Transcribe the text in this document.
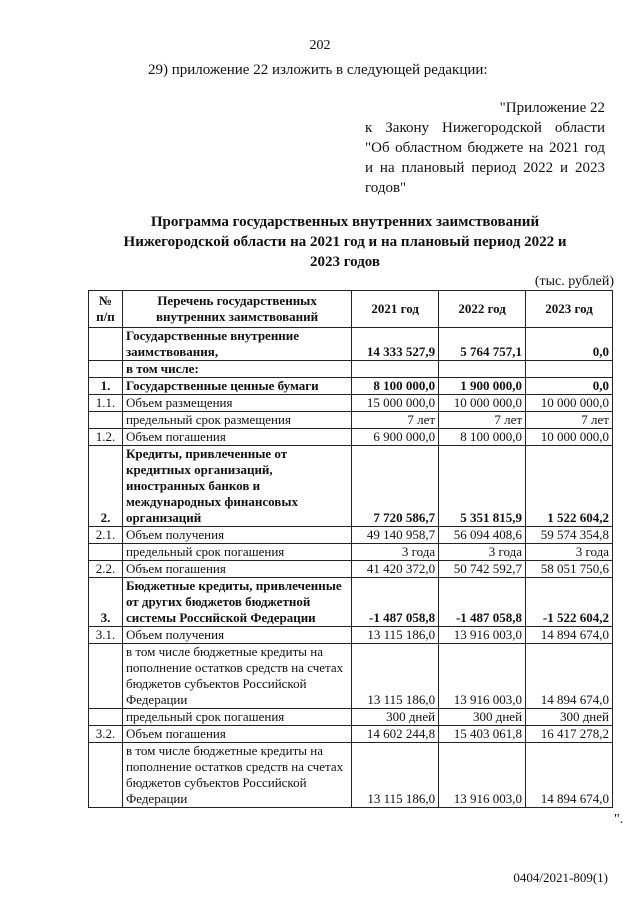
202
29) приложение 22 изложить в следующей редакции:
"Приложение 22
к Закону Нижегородской области
"Об областном бюджете на 2021 год
и на плановый период 2022 и 2023
годов"
Программа государственных внутренних заимствований
Нижегородской области на 2021 год и на плановый период 2022 и
2023 годов
(тыс. рублей)
№ п/п	Перечень государственных внутренних заимствований	2021 год	2022 год	2023 год
	Государственные внутренние заимствования,	14 333 527,9	5 764 757,1	0,0
	в том числе:			
1.	Государственные ценные бумаги	8 100 000,0	1 900 000,0	0,0
1.1.	Объем размещения	15 000 000,0	10 000 000,0	10 000 000,0
	предельный срок размещения	7 лет	7 лет	7 лет
1.2.	Объем погашения	6 900 000,0	8 100 000,0	10 000 000,0
2.	Кредиты, привлеченные от кредитных организаций, иностранных банков и международных финансовых организаций	7 720 586,7	5 351 815,9	1 522 604,2
2.1.	Объем получения	49 140 958,7	56 094 408,6	59 574 354,8
	предельный срок погашения	3 года	3 года	3 года
2.2.	Объем погашения	41 420 372,0	50 742 592,7	58 051 750,6
3.	Бюджетные кредиты, привлеченные от других бюджетов бюджетной системы Российской Федерации	-1 487 058,8	-1 487 058,8	-1 522 604,2
3.1.	Объем получения	13 115 186,0	13 916 003,0	14 894 674,0
	в том числе бюджетные кредиты на пополнение остатков средств на счетах бюджетов субъектов Российской Федерации	13 115 186,0	13 916 003,0	14 894 674,0
	предельный срок погашения	300 дней	300 дней	300 дней
3.2.	Объем погашения	14 602 244,8	15 403 061,8	16 417 278,2
	в том числе бюджетные кредиты на пополнение остатков средств на счетах бюджетов субъектов Российской Федерации	13 115 186,0	13 916 003,0	14 894 674,0
".
0404/2021-809(1)
